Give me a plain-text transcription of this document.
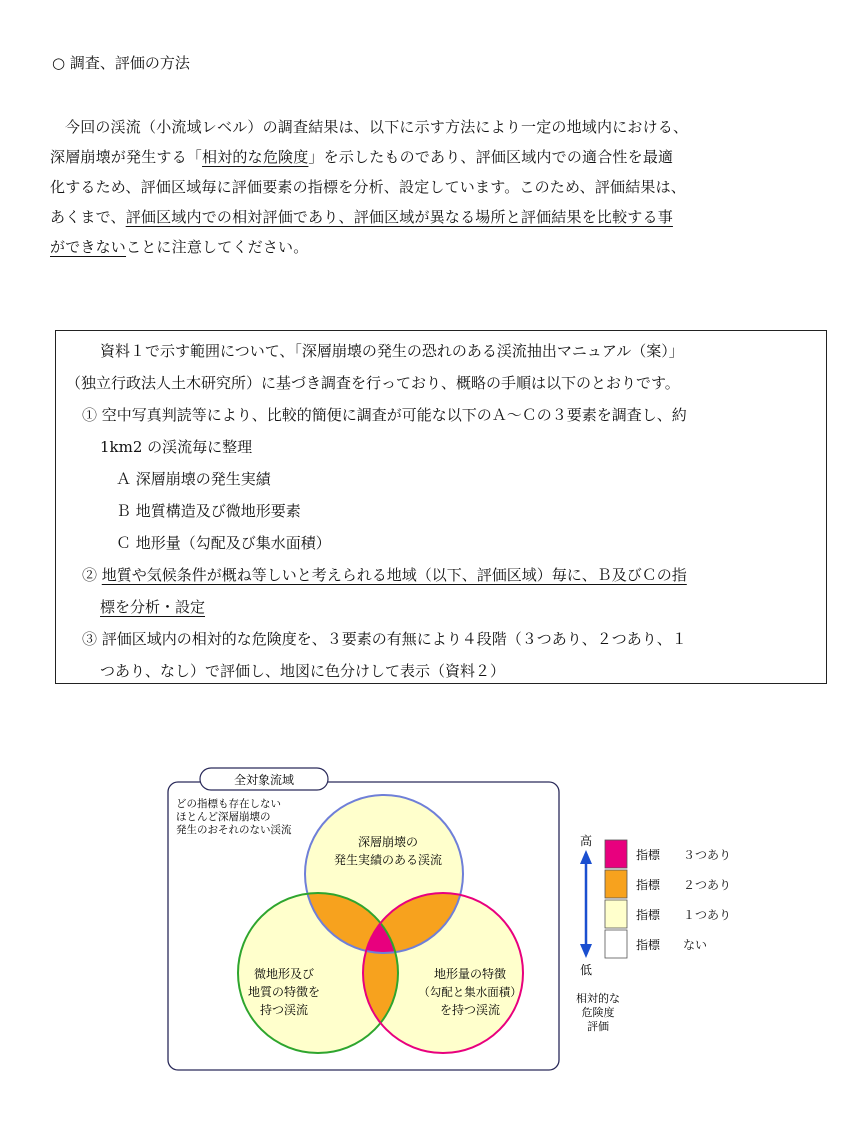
○ 調査、評価の方法
今回の渓流（小流域レベル）の調査結果は、以下に示す方法により一定の地域内における、
深層崩壊が発生する「相対的な危険度」を示したものであり、評価区域内での適合性を最適
化するため、評価区域毎に評価要素の指標を分析、設定しています。このため、評価結果は、
あくまで、評価区域内での相対評価であり、評価区域が異なる場所と評価結果を比較する事
ができないことに注意してください。
資料１で示す範囲について、「深層崩壊の発生の恐れのある渓流抽出マニュアル（案）」
（独立行政法人土木研究所）に基づき調査を行っており、概略の手順は以下のとおりです。
① 空中写真判読等により、比較的簡便に調査が可能な以下のＡ～Ｃの３要素を調査し、約
1km2 の渓流毎に整理
Ａ 深層崩壊の発生実績
Ｂ 地質構造及び微地形要素
Ｃ 地形量（勾配及び集水面積）
② 地質や気候条件が概ね等しいと考えられる地域（以下、評価区域）毎に、Ｂ及びＣの指
標を分析・設定
③ 評価区域内の相対的な危険度を、３要素の有無により４段階（３つあり、２つあり、１
つあり、なし）で評価し、地図に色分けして表示（資料２）
全対象流域
どの指標も存在しない
ほとんど深層崩壊の
発生のおそれのない渓流
深層崩壊の
発生実績のある渓流
微地形及び
地質の特徴を
持つ渓流
地形量の特徴
（勾配と集水面積）
を持つ渓流
高
低
相対的な
危険度
評価
指標
指標
指標
指標
３つあり
２つあり
１つあり
ない
